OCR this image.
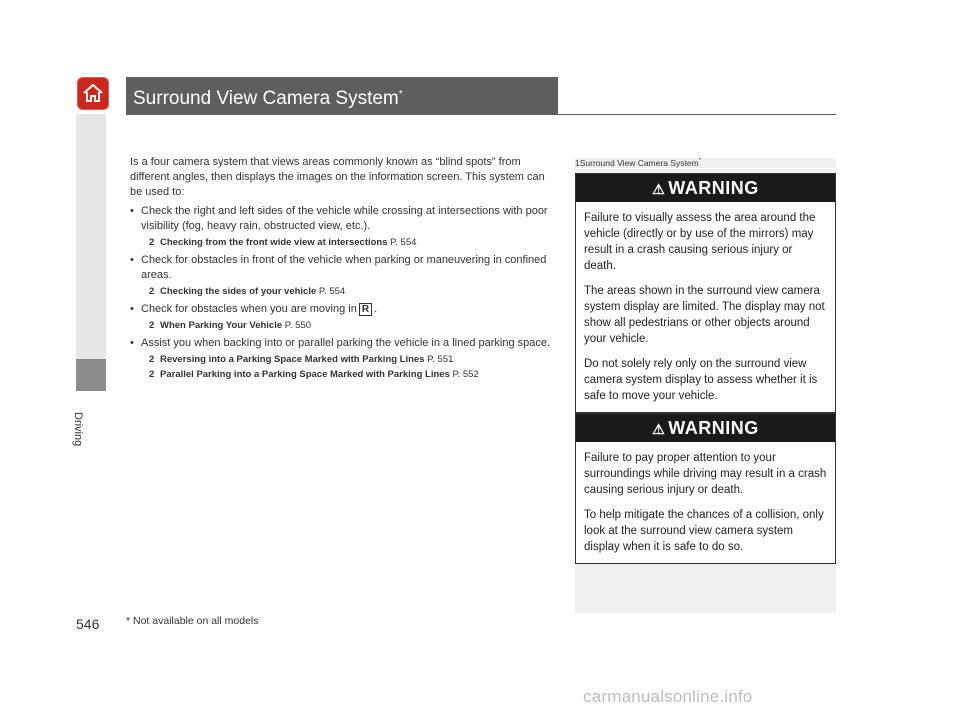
Surround View Camera System*
Driving

Is a four camera system that views areas commonly known as “blind spots” from different angles, then displays the images on the information screen. This system can be used to:

• Check the right and left sides of the vehicle while crossing at intersections with poor visibility (fog, heavy rain, obstructed view, etc.).
2 Checking from the front wide view at intersections P. 554
• Check for obstacles in front of the vehicle when parking or maneuvering in confined areas.
2 Checking the sides of your vehicle P. 554
• Check for obstacles when you are moving in R .
2 When Parking Your Vehicle P. 550
• Assist you when backing into or parallel parking the vehicle in a lined parking space.
2 Reversing into a Parking Space Marked with Parking Lines P. 551
2 Parallel Parking into a Parking Space Marked with Parking Lines P. 552
1Surround View Camera System*
⚠ WARNING

Failure to visually assess the area around the vehicle (directly or by use of the mirrors) may result in a crash causing serious injury or death.

The areas shown in the surround view camera system display are limited. The display may not show all pedestrians or other objects around your vehicle.

Do not solely rely only on the surround view camera system display to assess whether it is safe to move your vehicle.

⚠ WARNING

Failure to pay proper attention to your surroundings while driving may result in a crash causing serious injury or death.

To help mitigate the chances of a collision, only look at the surround view camera system display when it is safe to do so.

546	* Not available on all models
carmanualsonline.info
